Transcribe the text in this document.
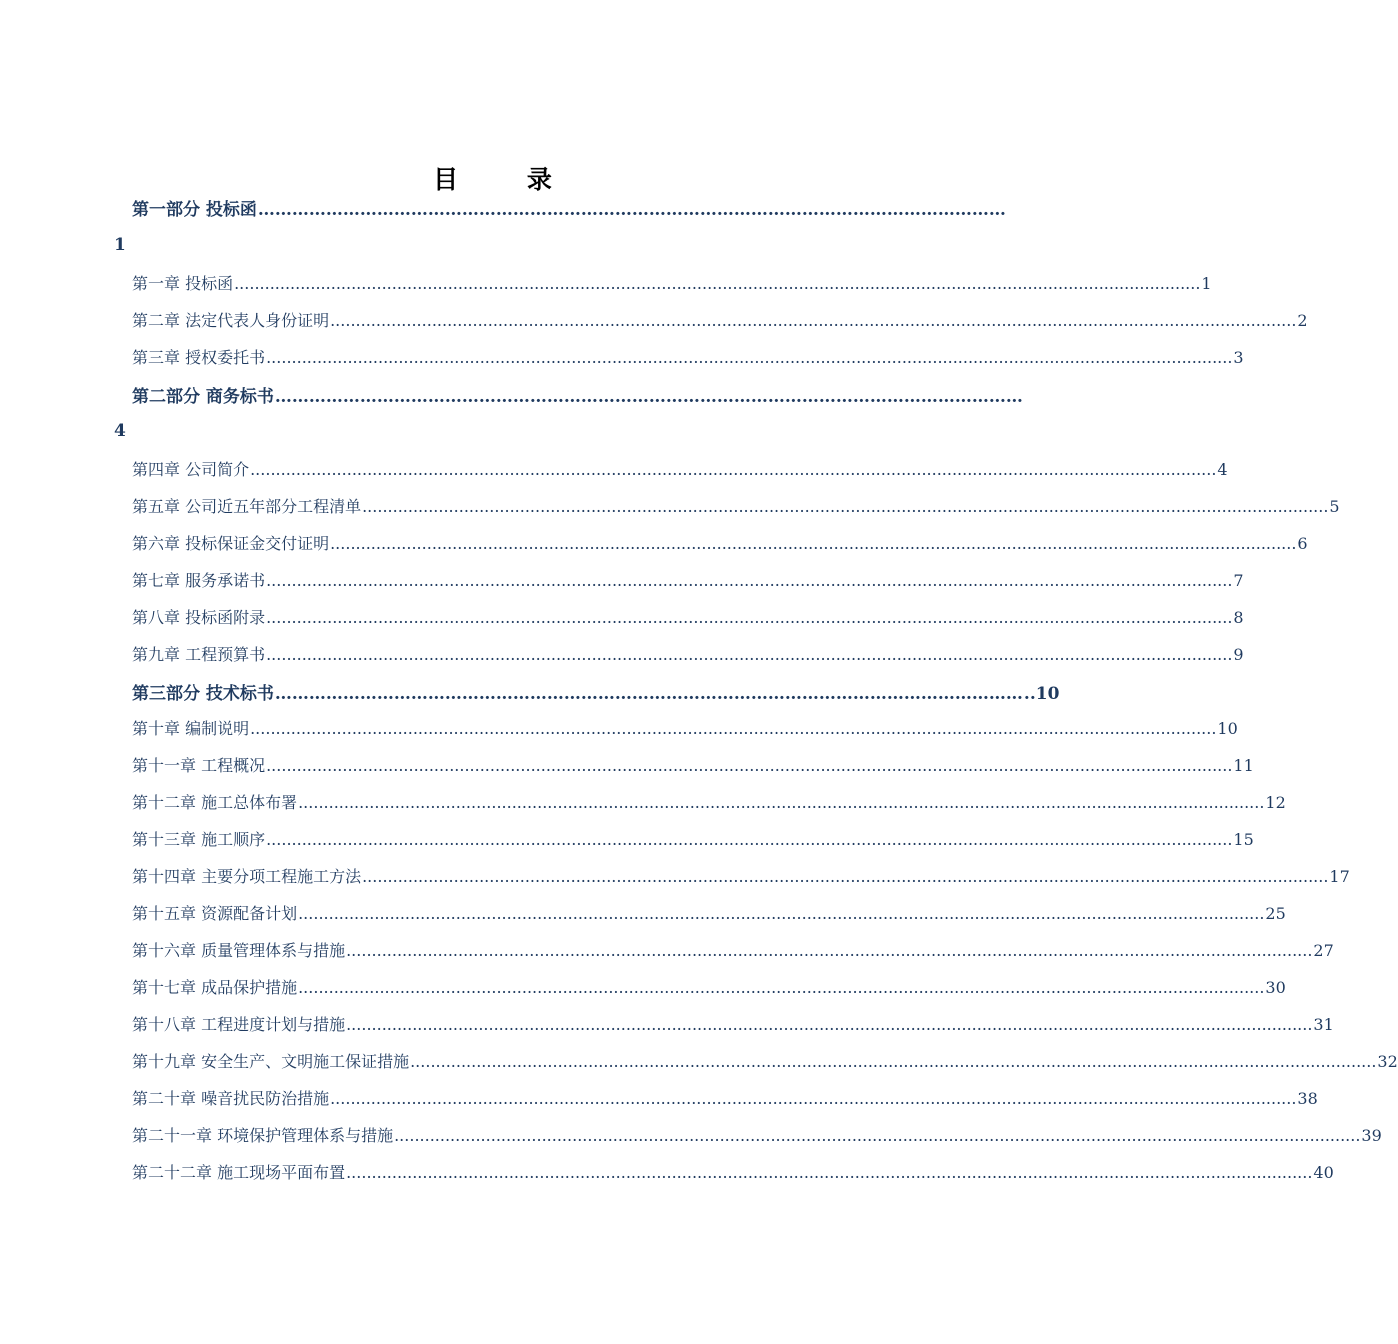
目 录
第一部分 投标函 ……………………………………………………………………………………………………………………
1
第一章 投标函 .............................................................................................................................................................................................. 1
第二章 法定代表人身份证明 .............................................................................................................................................................................................. 2
第三章 授权委托书 .............................................................................................................................................................................................. 3
第二部分 商务标书 ……………………………………………………………………………………………………………………
4
第四章 公司简介 .............................................................................................................................................................................................. 4
第五章 公司近五年部分工程清单 .............................................................................................................................................................................................. 5
第六章 投标保证金交付证明 .............................................................................................................................................................................................. 6
第七章 服务承诺书 .............................................................................................................................................................................................. 7
第八章 投标函附录 .............................................................................................................................................................................................. 8
第九章 工程预算书 .............................................................................................................................................................................................. 9
第三部分 技术标书 …………………………………………………………………………………………………………………… ..10
第十章 编制说明 .............................................................................................................................................................................................. 10
第十一章 工程概况 .............................................................................................................................................................................................. 11
第十二章 施工总体布署 .............................................................................................................................................................................................. 12
第十三章 施工顺序 .............................................................................................................................................................................................. 15
第十四章 主要分项工程施工方法 .............................................................................................................................................................................................. 17
第十五章 资源配备计划 .............................................................................................................................................................................................. 25
第十六章 质量管理体系与措施 .............................................................................................................................................................................................. 27
第十七章 成品保护措施 .............................................................................................................................................................................................. 30
第十八章 工程进度计划与措施 .............................................................................................................................................................................................. 31
第十九章 安全生产、文明施工保证措施 .............................................................................................................................................................................................. 32
第二十章 噪音扰民防治措施 .............................................................................................................................................................................................. 38
第二十一章 环境保护管理体系与措施 .............................................................................................................................................................................................. 39
第二十二章 施工现场平面布置 .............................................................................................................................................................................................. 40
